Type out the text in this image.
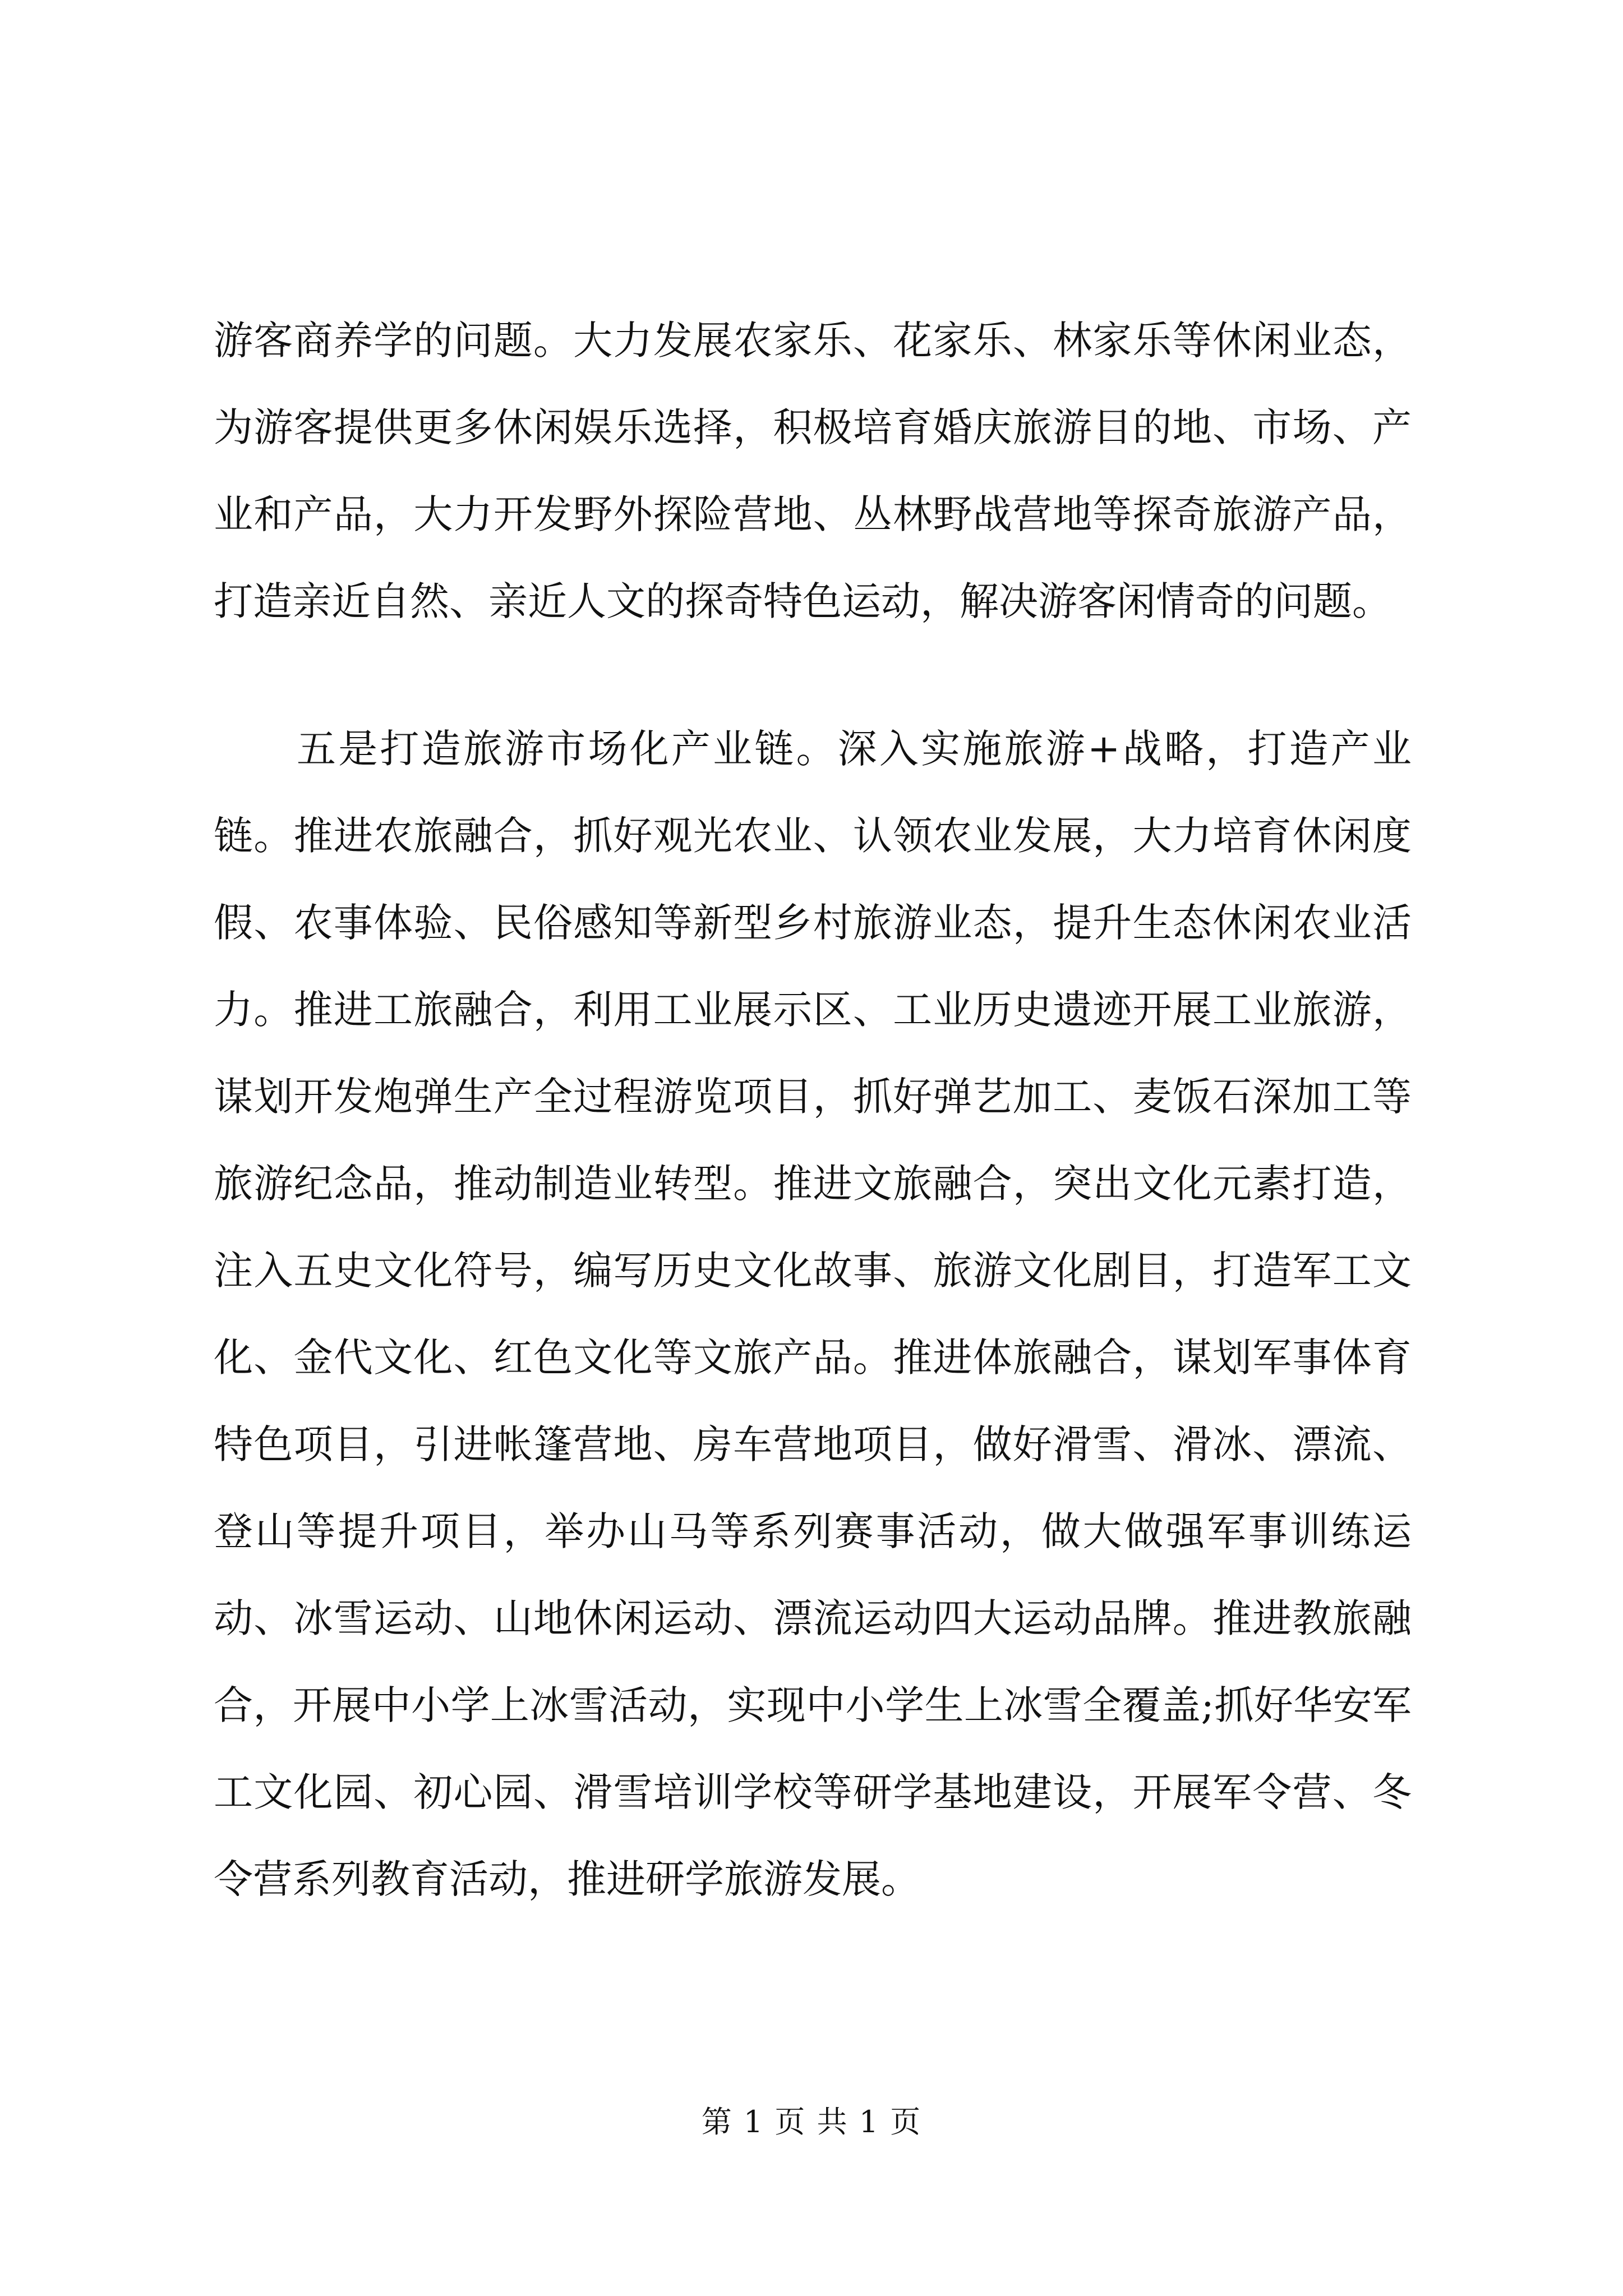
游客商养学的问题。大力发展农家乐、花家乐、林家乐等休闲业态，为游客提供更多休闲娱乐选择，积极培育婚庆旅游目的地、市场、产业和产品，大力开发野外探险营地、丛林野战营地等探奇旅游产品，打造亲近自然、亲近人文的探奇特色运动，解决游客闲情奇的问题。
五是打造旅游市场化产业链。深入实施旅游+战略，打造产业链。推进农旅融合，抓好观光农业、认领农业发展，大力培育休闲度假、农事体验、民俗感知等新型乡村旅游业态，提升生态休闲农业活力。推进工旅融合，利用工业展示区、工业历史遗迹开展工业旅游，谋划开发炮弹生产全过程游览项目，抓好弹艺加工、麦饭石深加工等旅游纪念品，推动制造业转型。推进文旅融合，突出文化元素打造，注入五史文化符号，编写历史文化故事、旅游文化剧目，打造军工文化、金代文化、红色文化等文旅产品。推进体旅融合，谋划军事体育特色项目，引进帐篷营地、房车营地项目，做好滑雪、滑冰、漂流、登山等提升项目，举办山马等系列赛事活动，做大做强军事训练运动、冰雪运动、山地休闲运动、漂流运动四大运动品牌。推进教旅融合，开展中小学上冰雪活动，实现中小学生上冰雪全覆盖;抓好华安军工文化园、初心园、滑雪培训学校等研学基地建设，开展军令营、冬令营系列教育活动，推进研学旅游发展。
第 1 页 共 1 页
